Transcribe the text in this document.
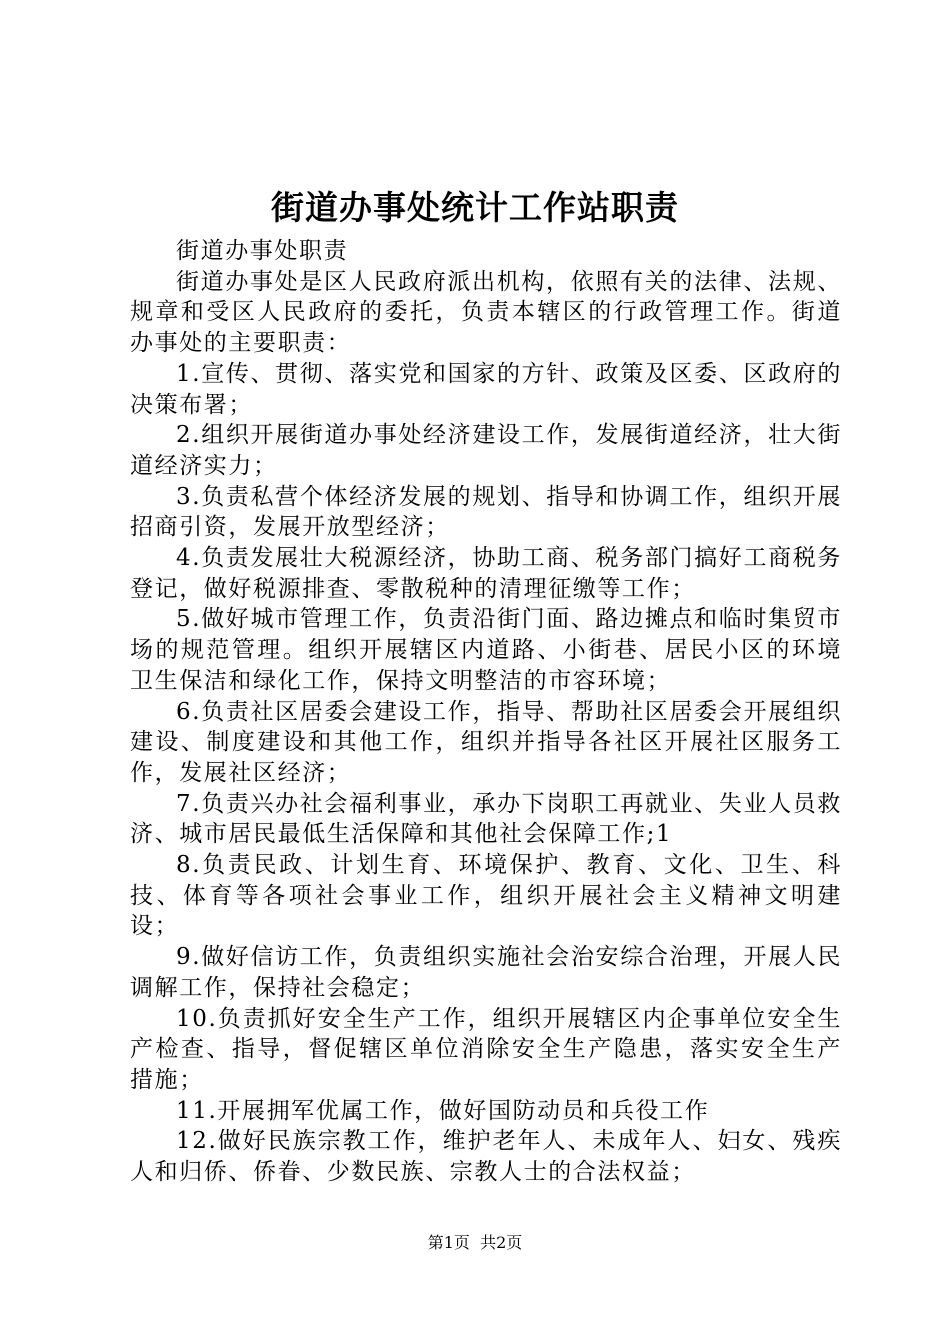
街道办事处统计工作站职责

街道办事处职责

街道办事处是区人民政府派出机构，依照有关的法律、法规、规章和受区人民政府的委托，负责本辖区的行政管理工作。街道办事处的主要职责：

1.宣传、贯彻、落实党和国家的方针、政策及区委、区政府的决策布署；

2.组织开展街道办事处经济建设工作，发展街道经济，壮大街道经济实力；

3.负责私营个体经济发展的规划、指导和协调工作，组织开展招商引资，发展开放型经济；

4.负责发展壮大税源经济，协助工商、税务部门搞好工商税务登记，做好税源排查、零散税种的清理征缴等工作；

5.做好城市管理工作，负责沿街门面、路边摊点和临时集贸市场的规范管理。组织开展辖区内道路、小街巷、居民小区的环境卫生保洁和绿化工作，保持文明整洁的市容环境；

6.负责社区居委会建设工作，指导、帮助社区居委会开展组织建设、制度建设和其他工作，组织并指导各社区开展社区服务工作，发展社区经济；

7.负责兴办社会福利事业，承办下岗职工再就业、失业人员救济、城市居民最低生活保障和其他社会保障工作;1

8.负责民政、计划生育、环境保护、教育、文化、卫生、科技、体育等各项社会事业工作，组织开展社会主义精神文明建设；

9.做好信访工作，负责组织实施社会治安综合治理，开展人民调解工作，保持社会稳定；

10.负责抓好安全生产工作，组织开展辖区内企事单位安全生产检查、指导，督促辖区单位消除安全生产隐患，落实安全生产措施；

11.开展拥军优属工作，做好国防动员和兵役工作

12.做好民族宗教工作，维护老年人、未成年人、妇女、残疾人和归侨、侨眷、少数民族、宗教人士的合法权益；

第1页  共2页
